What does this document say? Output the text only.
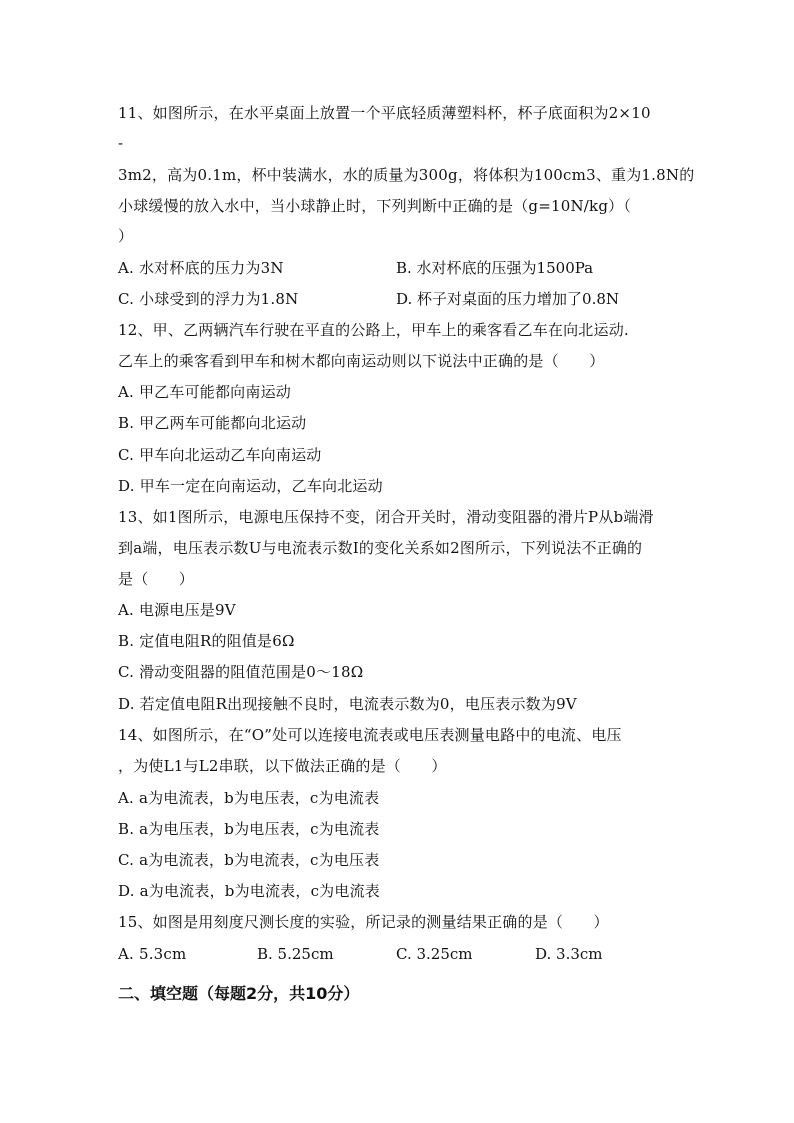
11、如图所示，在水平桌面上放置一个平底轻质薄塑料杯，杯子底面积为2×10
-
3m2，高为0.1m，杯中装满水，水的质量为300g，将体积为100cm3、重为1.8N的
小球缓慢的放入水中，当小球静止时，下列判断中正确的是（g=10N/kg）（
）
A. 水对杯底的压力为3N	B. 水对杯底的压强为1500Pa
C. 小球受到的浮力为1.8N	D. 杯子对桌面的压力增加了0.8N
12、甲、乙两辆汽车行驶在平直的公路上，甲车上的乘客看乙车在向北运动.
乙车上的乘客看到甲车和树木都向南运动则以下说法中正确的是（　　）
A. 甲乙车可能都向南运动
B. 甲乙两车可能都向北运动
C. 甲车向北运动乙车向南运动
D. 甲车一定在向南运动，乙车向北运动
13、如1图所示，电源电压保持不变，闭合开关时，滑动变阻器的滑片P从b端滑
到a端，电压表示数U与电流表示数I的变化关系如2图所示，下列说法不正确的
是（　　）
A. 电源电压是9V
B. 定值电阻R的阻值是6Ω
C. 滑动变阻器的阻值范围是0～18Ω
D. 若定值电阻R出现接触不良时，电流表示数为0，电压表示数为9V
14、如图所示，在“O”处可以连接电流表或电压表测量电路中的电流、电压
，为使L1与L2串联，以下做法正确的是（　　）
A. a为电流表，b为电压表，c为电流表
B. a为电压表，b为电压表，c为电流表
C. a为电流表，b为电流表，c为电压表
D. a为电流表，b为电流表，c为电流表
15、如图是用刻度尺测长度的实验，所记录的测量结果正确的是（　　）
A. 5.3cm	B. 5.25cm	C. 3.25cm	D. 3.3cm
二、填空题（每题2分，共10分）
